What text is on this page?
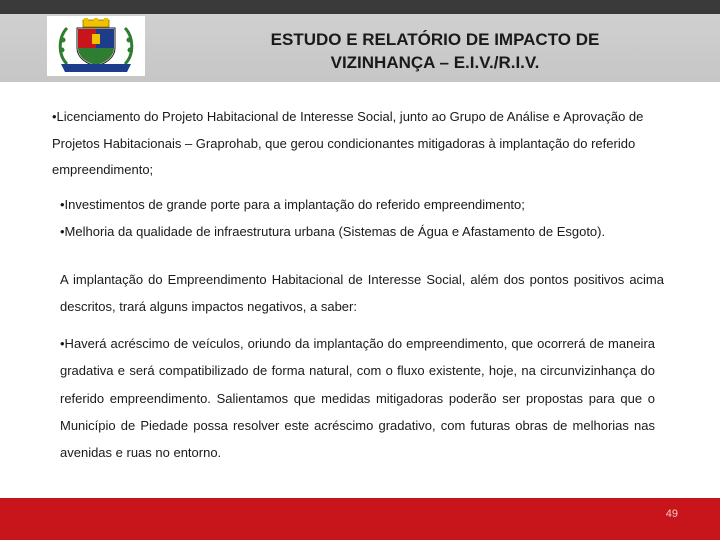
ESTUDO E RELATÓRIO DE IMPACTO DE
VIZINHANÇA – E.I.V./R.I.V.

•Licenciamento do Projeto Habitacional de Interesse Social, junto ao Grupo de Análise e Aprovação de Projetos Habitacionais – Graprohab, que gerou condicionantes mitigadoras à implantação do referido empreendimento;

•Investimentos de grande porte para a implantação do referido empreendimento;

•Melhoria da qualidade de infraestrutura urbana (Sistemas de Água e Afastamento de Esgoto).

A implantação do Empreendimento Habitacional de Interesse Social, além dos pontos positivos acima descritos, trará alguns impactos negativos, a saber:

•Haverá acréscimo de veículos, oriundo da implantação do empreendimento, que ocorrerá de maneira gradativa e será compatibilizado de forma natural, com o fluxo existente, hoje, na circunvizinhança do referido empreendimento. Salientamos que medidas mitigadoras poderão ser propostas para que o Município de Piedade possa resolver este acréscimo gradativo, com futuras obras de melhorias nas avenidas e ruas no entorno.

49
